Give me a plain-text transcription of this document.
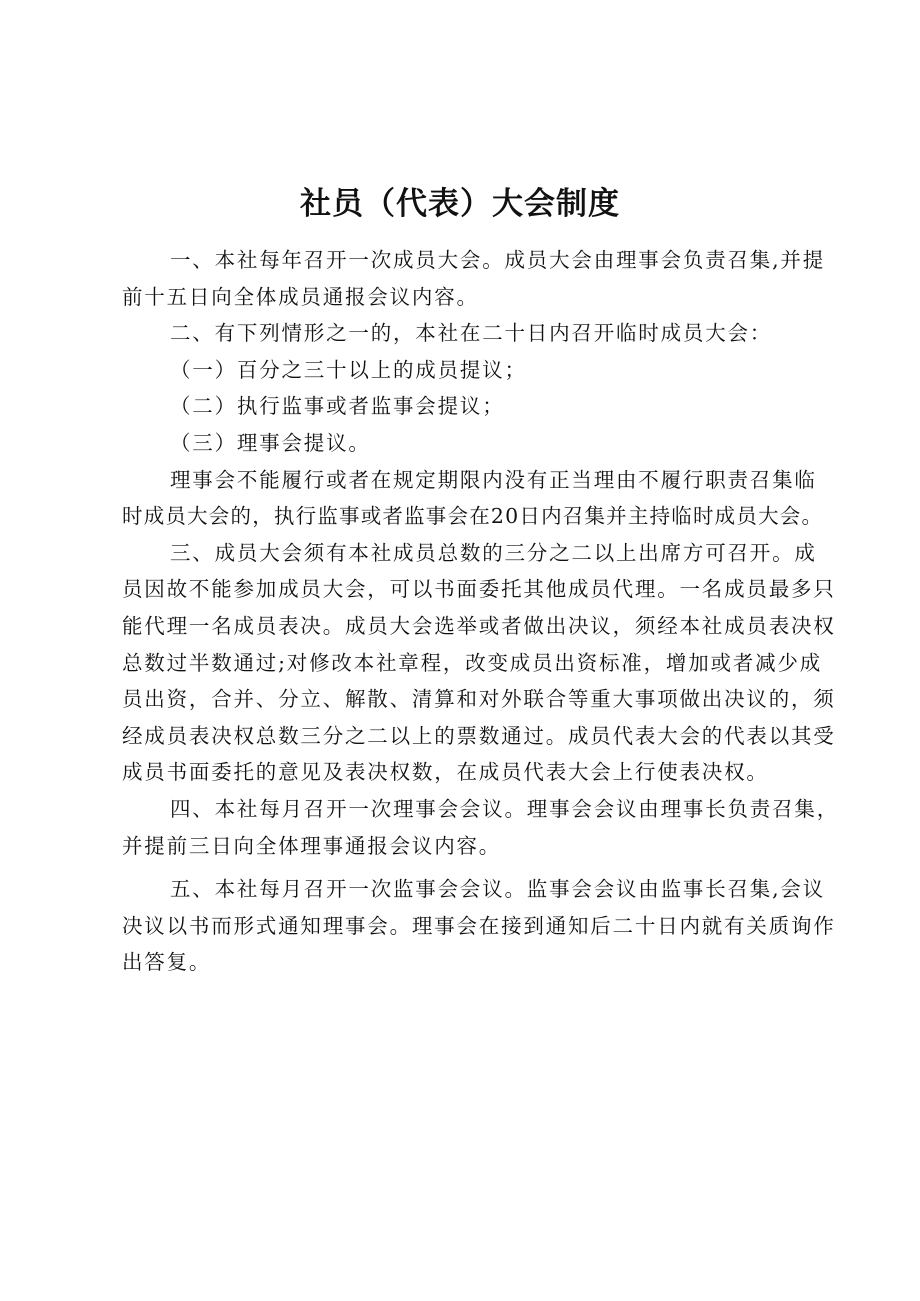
社员（代表）大会制度
一、本社每年召开一次成员大会。成员大会由理事会负责召集,并提
前十五日向全体成员通报会议内容。
二、有下列情形之一的，本社在二十日内召开临时成员大会：
（一）百分之三十以上的成员提议；
（二）执行监事或者监事会提议；
（三）理事会提议。
理事会不能履行或者在规定期限内没有正当理由不履行职责召集临
时成员大会的，执行监事或者监事会在20日内召集并主持临时成员大会。
三、成员大会须有本社成员总数的三分之二以上出席方可召开。成
员因故不能参加成员大会，可以书面委托其他成员代理。一名成员最多只
能代理一名成员表决。成员大会选举或者做出决议，须经本社成员表决权
总数过半数通过;对修改本社章程，改变成员出资标准，增加或者减少成
员出资，合并、分立、解散、清算和对外联合等重大事项做出决议的，须
经成员表决权总数三分之二以上的票数通过。成员代表大会的代表以其受
成员书面委托的意见及表决权数，在成员代表大会上行使表决权。
四、本社每月召开一次理事会会议。理事会会议由理事长负责召集，
并提前三日向全体理事通报会议内容。
五、本社每月召开一次监事会会议。监事会会议由监事长召集,会议
决议以书而形式通知理事会。理事会在接到通知后二十日内就有关质询作
出答复。
